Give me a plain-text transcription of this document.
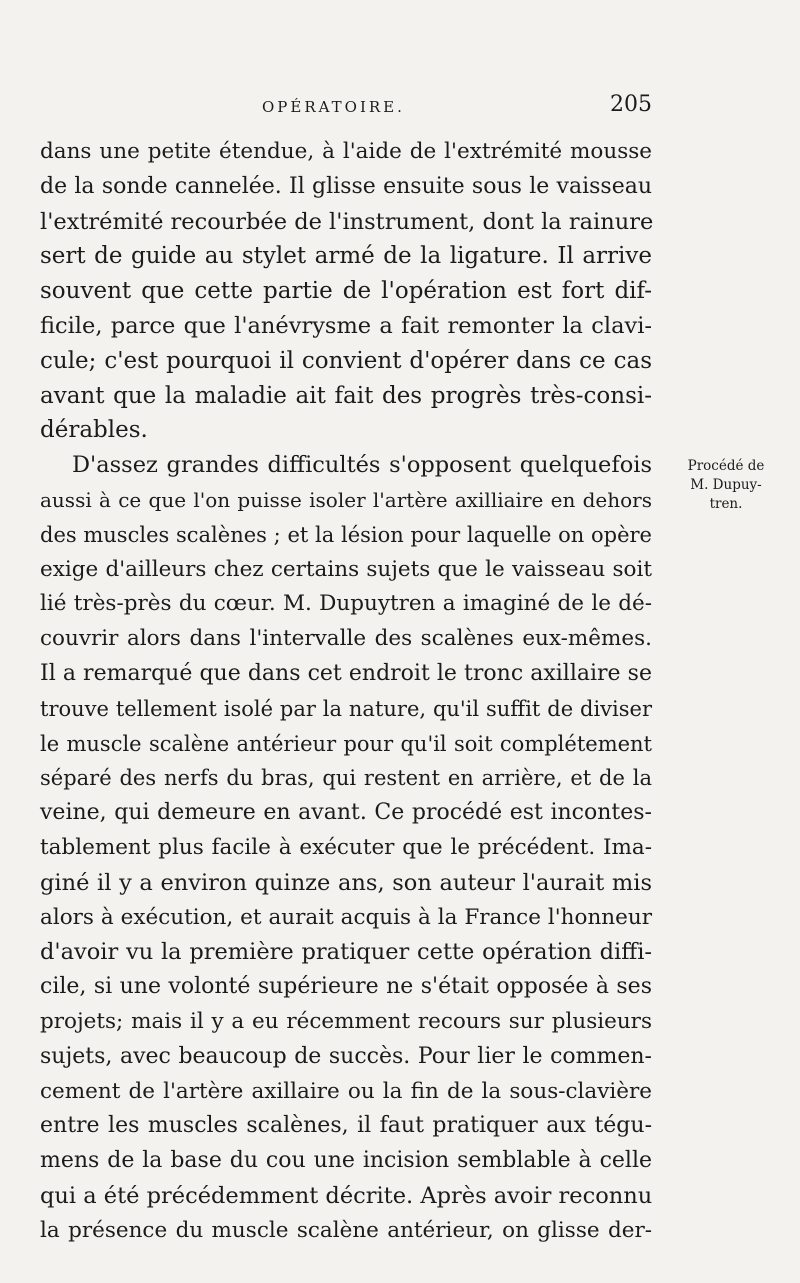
OPÉRATOIRE.	205
dans une petite étendue, à l'aide de l'extrémité mousse
de la sonde cannelée. Il glisse ensuite sous le vaisseau
l'extrémité recourbée de l'instrument, dont la rainure
sert de guide au stylet armé de la ligature. Il arrive
souvent que cette partie de l'opération est fort dif-
ficile, parce que l'anévrysme a fait remonter la clavi-
cule; c'est pourquoi il convient d'opérer dans ce cas
avant que la maladie ait fait des progrès très-consi-
dérables.
D'assez grandes difficultés s'opposent quelquefois
aussi à ce que l'on puisse isoler l'artère axilliaire en dehors
des muscles scalènes ; et la lésion pour laquelle on opère
exige d'ailleurs chez certains sujets que le vaisseau soit
lié très-près du cœur. M. Dupuytren a imaginé de le dé-
couvrir alors dans l'intervalle des scalènes eux-mêmes.
Il a remarqué que dans cet endroit le tronc axillaire se
trouve tellement isolé par la nature, qu'il suffit de diviser
le muscle scalène antérieur pour qu'il soit complétement
séparé des nerfs du bras, qui restent en arrière, et de la
veine, qui demeure en avant. Ce procédé est incontes-
tablement plus facile à exécuter que le précédent. Ima-
giné il y a environ quinze ans, son auteur l'aurait mis
alors à exécution, et aurait acquis à la France l'honneur
d'avoir vu la première pratiquer cette opération diffi-
cile, si une volonté supérieure ne s'était opposée à ses
projets; mais il y a eu récemment recours sur plusieurs
sujets, avec beaucoup de succès. Pour lier le commen-
cement de l'artère axillaire ou la fin de la sous-clavière
entre les muscles scalènes, il faut pratiquer aux tégu-
mens de la base du cou une incision semblable à celle
qui a été précédemment décrite. Après avoir reconnu
la présence du muscle scalène antérieur, on glisse der-
Procédé de
M. Dupuy-
tren.
